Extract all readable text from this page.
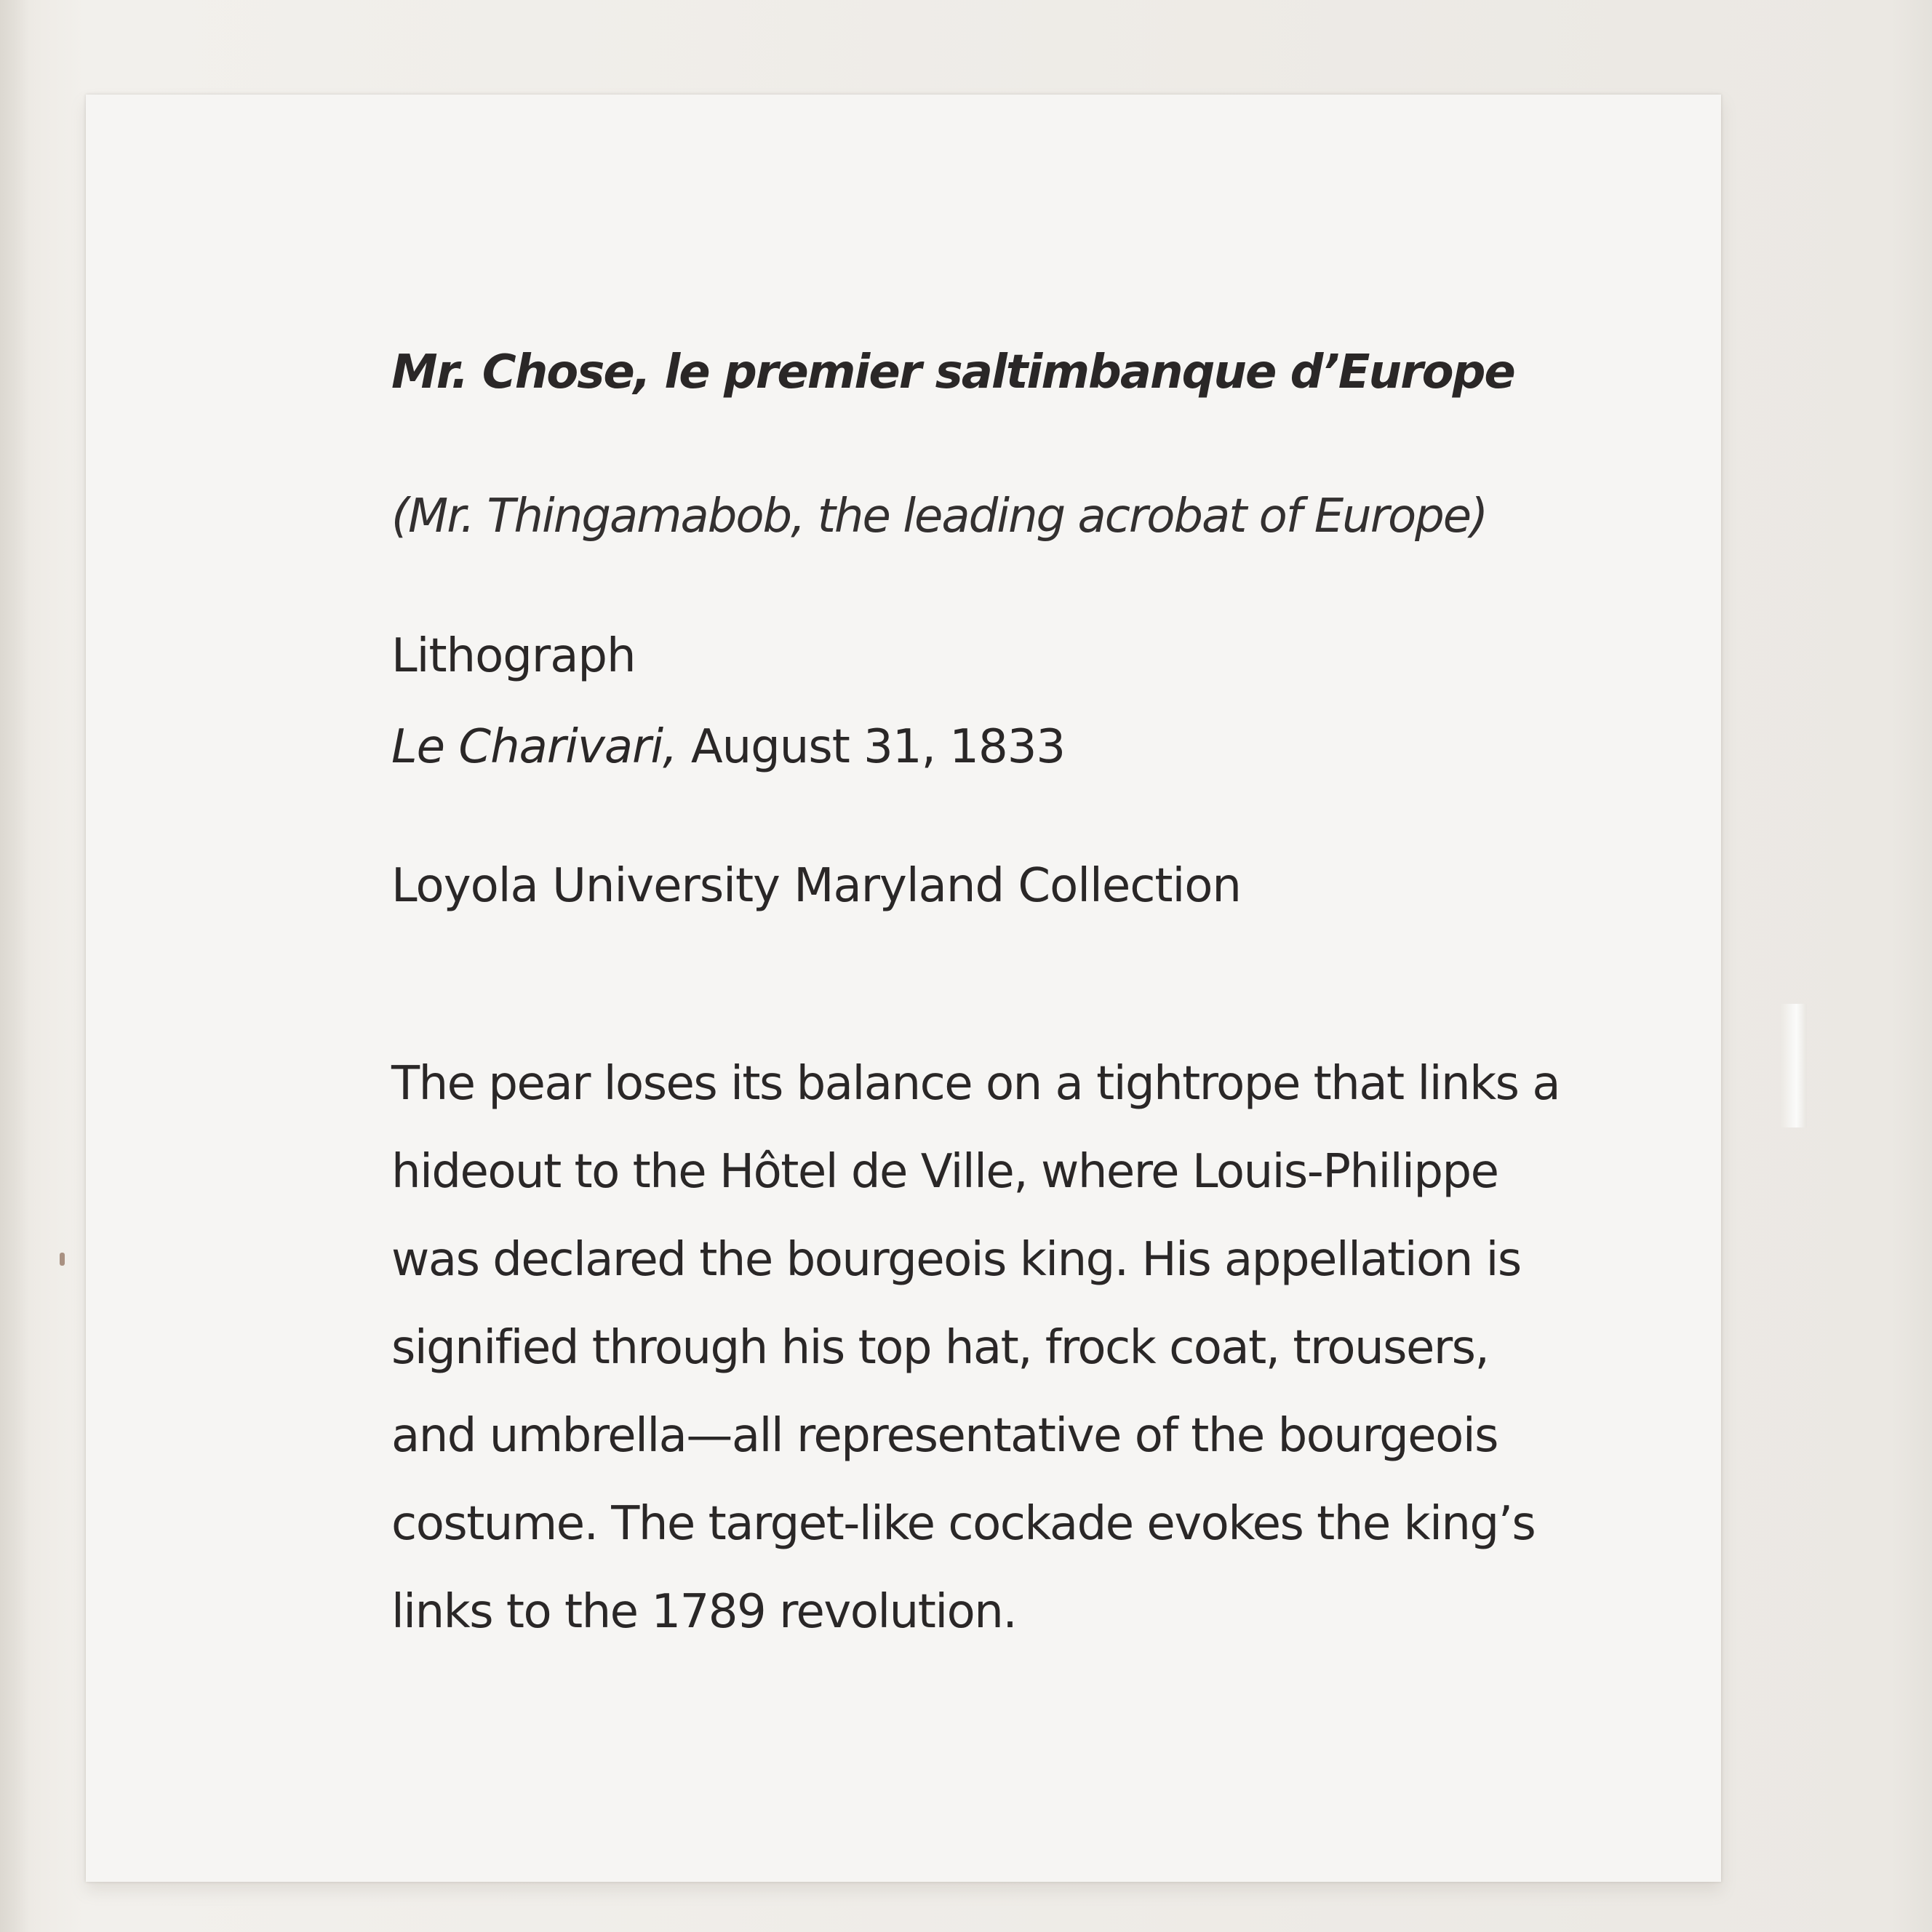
Mr. Chose, le premier saltimbanque d’Europe

(Mr. Thingamabob, the leading acrobat of Europe)

Lithograph

Le Charivari, August 31, 1833

Loyola University Maryland Collection

The pear loses its balance on a tightrope that links a
hideout to the Hôtel de Ville, where Louis-Philippe
was declared the bourgeois king. His appellation is
signified through his top hat, frock coat, trousers,
and umbrella—all representative of the bourgeois
costume. The target-like cockade evokes the king’s
links to the 1789 revolution.
